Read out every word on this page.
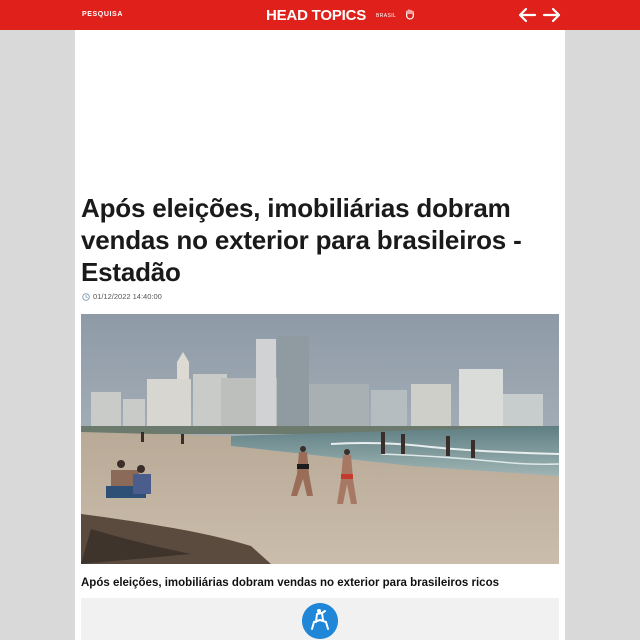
PESQUISA	HEAD TOPICS BRASIL
Após eleições, imobiliárias dobram vendas no exterior para brasileiros - Estadão
01/12/2022 14:40:00

Após eleições, imobiliárias dobram vendas no exterior para brasileiros ricos
